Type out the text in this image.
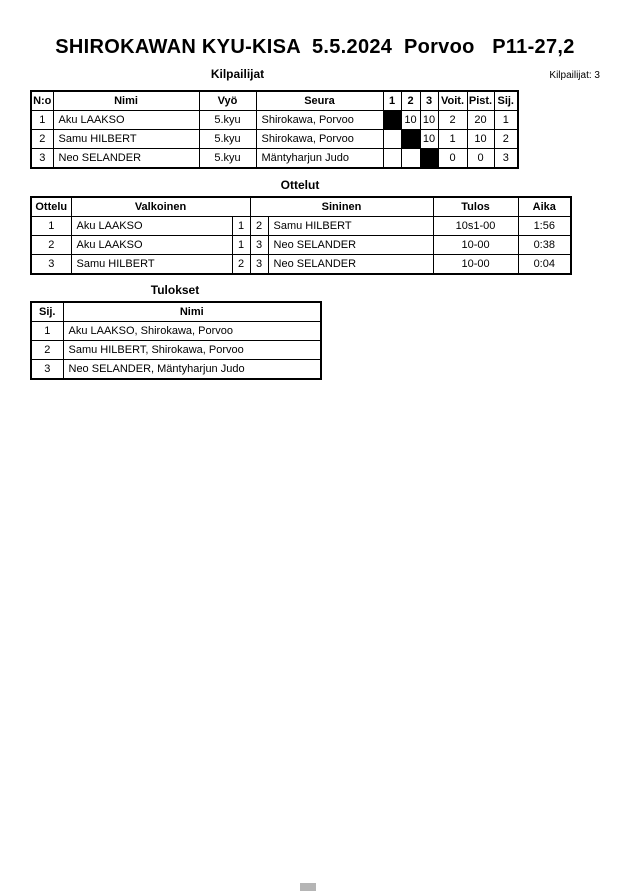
SHIROKAWAN KYU-KISA  5.5.2024  Porvoo   P11-27,2
Kilpailijat	Kilpailijat: 3
N:o	Nimi	Vyö	Seura	1	2	3	Voit.	Pist.	Sij.
1	Aku LAAKSO	5.kyu	Shirokawa, Porvoo		10	10	2	20	1
2	Samu HILBERT	5.kyu	Shirokawa, Porvoo			10	1	10	2
3	Neo SELANDER	5.kyu	Mäntyharjun Judo				0	0	3
Ottelut
Ottelu	Valkoinen		Sininen		Tulos	Aika
1	Aku LAAKSO	1	2	Samu HILBERT	10s1-00	1:56
2	Aku LAAKSO	1	3	Neo SELANDER	10-00	0:38
3	Samu HILBERT	2	3	Neo SELANDER	10-00	0:04
Tulokset
Sij.	Nimi
1	Aku LAAKSO, Shirokawa, Porvoo
2	Samu HILBERT, Shirokawa, Porvoo
3	Neo SELANDER, Mäntyharjun Judo
